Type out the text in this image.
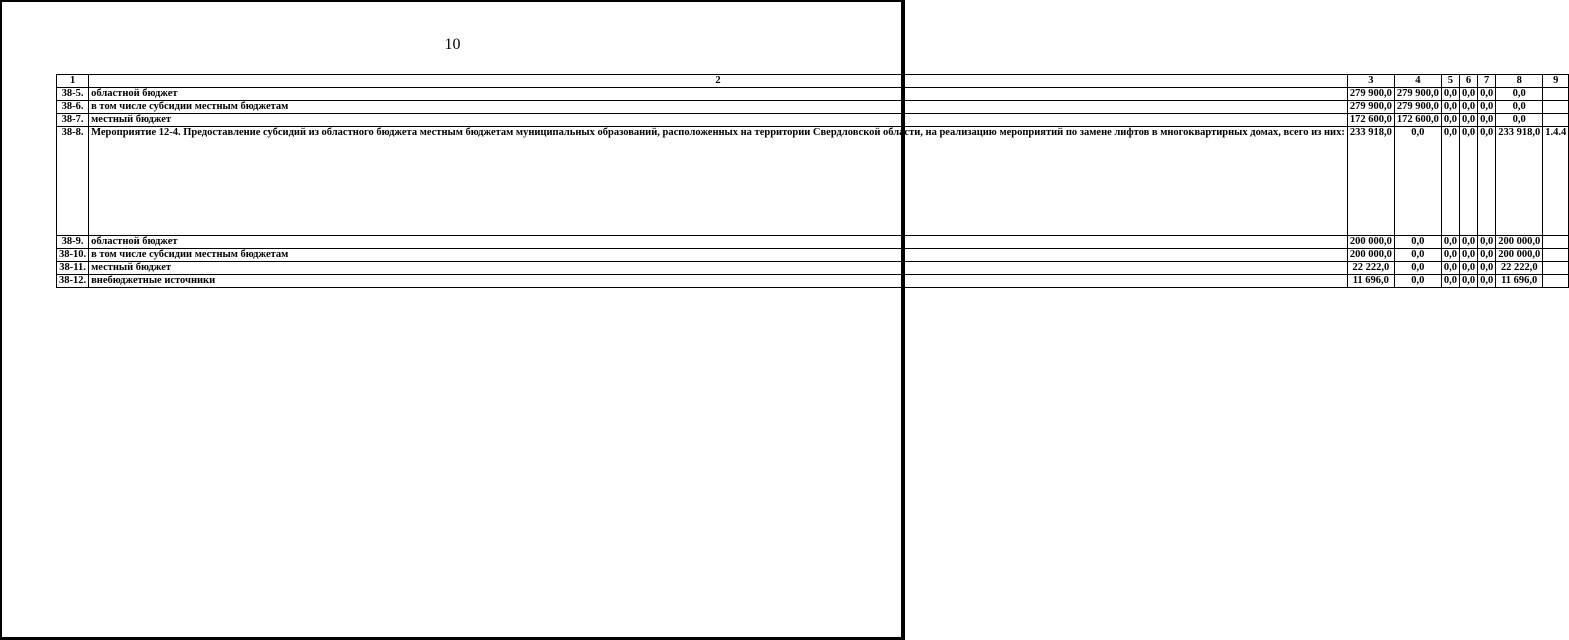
10
1	2	3	4	5	6	7	8	9
38-5.	областной бюджет	279 900,0	279 900,0	0,0	0,0	0,0	0,0	
38-6.	в том числе субсидии местным бюджетам	279 900,0	279 900,0	0,0	0,0	0,0	0,0	
38-7.	местный бюджет	172 600,0	172 600,0	0,0	0,0	0,0	0,0	
38-8.	Мероприятие 12-4. Предоставление субсидий из областного бюджета местным бюджетам муниципальных образований, расположенных на территории Свердловской области, на реализацию мероприятий по замене лифтов в многоквартирных домах, всего из них:	233 918,0	0,0	0,0	0,0	0,0	233 918,0	1.4.4
38-9.	областной бюджет	200 000,0	0,0	0,0	0,0	0,0	200 000,0	
38-10.	в том числе субсидии местным бюджетам	200 000,0	0,0	0,0	0,0	0,0	200 000,0	
38-11.	местный бюджет	22 222,0	0,0	0,0	0,0	0,0	22 222,0	
38-12.	внебюджетные источники	11 696,0	0,0	0,0	0,0	0,0	11 696,0	
